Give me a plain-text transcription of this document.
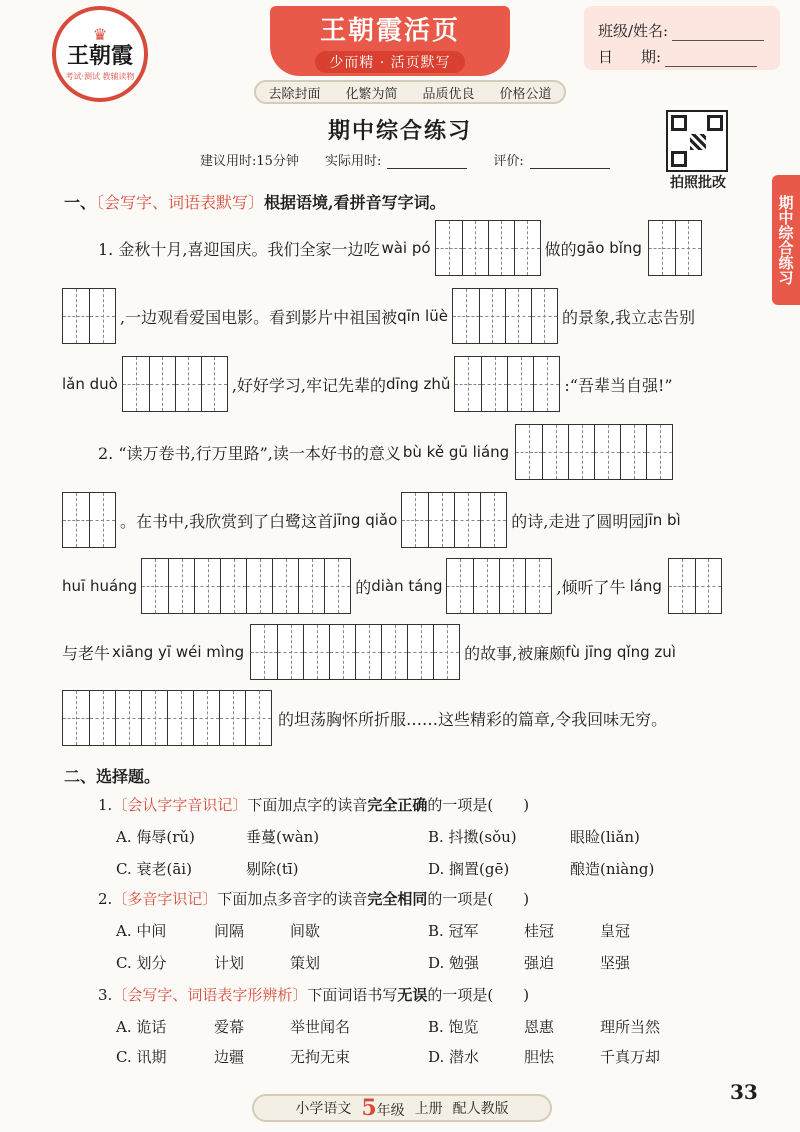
♛
王朝霞
考试·测试 教辅读物
王朝霞活页
少而精 · 活页默写
去除封面 化繁为简 品质优良 价格公道
班级/姓名:
日 期:
拍照批改
期中综合练习
期中综合练习
建议用时:15分钟 实际用时:	评价:
一、〔会写字、词语表默写〕根据语境,看拼音写字词。
1. 金秋十月,喜迎国庆。我们全家一边吃 wài pó	做的 gāo bǐng
,一边观看爱国电影。看到影片中祖国被 qīn lüè	的景象,我立志告别
lǎn duò	,好好学习,牢记先辈的 dīng zhǔ	:“吾辈当自强!”
2. “读万卷书,行万里路”,读一本好书的意义 bù kě gū liáng
。在书中,我欣赏到了白鹭这首 jīng qiǎo	的诗,走进了圆明园 jīn bì
huī huáng	的 diàn táng	,倾听了牛 láng
与老牛 xiāng yī wéi mìng	的故事,被廉颇 fù jīng qǐng zuì
的坦荡胸怀所折服……这些精彩的篇章,令我回味无穷。
二、选择题。
1.〔会认字字音识记〕下面加点字的读音完全正确的一项是(　　)
A. 侮辱(rǔ)	垂蔓(wàn)	B. 抖擞(sǒu)	眼睑(liǎn)
C. 衰老(āi)	剔除(tī)	D. 搁置(gē)	酿造(niàng)
2.〔多音字识记〕下面加点多音字的读音完全相同的一项是(　　)
A. 中间	间隔	间歇	B. 冠军	桂冠	皇冠
C. 划分	计划	策划	D. 勉强	强迫	坚强
3.〔会写字、词语表字形辨析〕下面词语书写无误的一项是(　　)
A. 诡话	爱幕	举世闻名	B. 饱览	恩惠	理所当然
C. 讯期	边疆	无拘无束	D. 潜水	胆怯	千真万却
小学语文 5年级 上册 配人教版
33
